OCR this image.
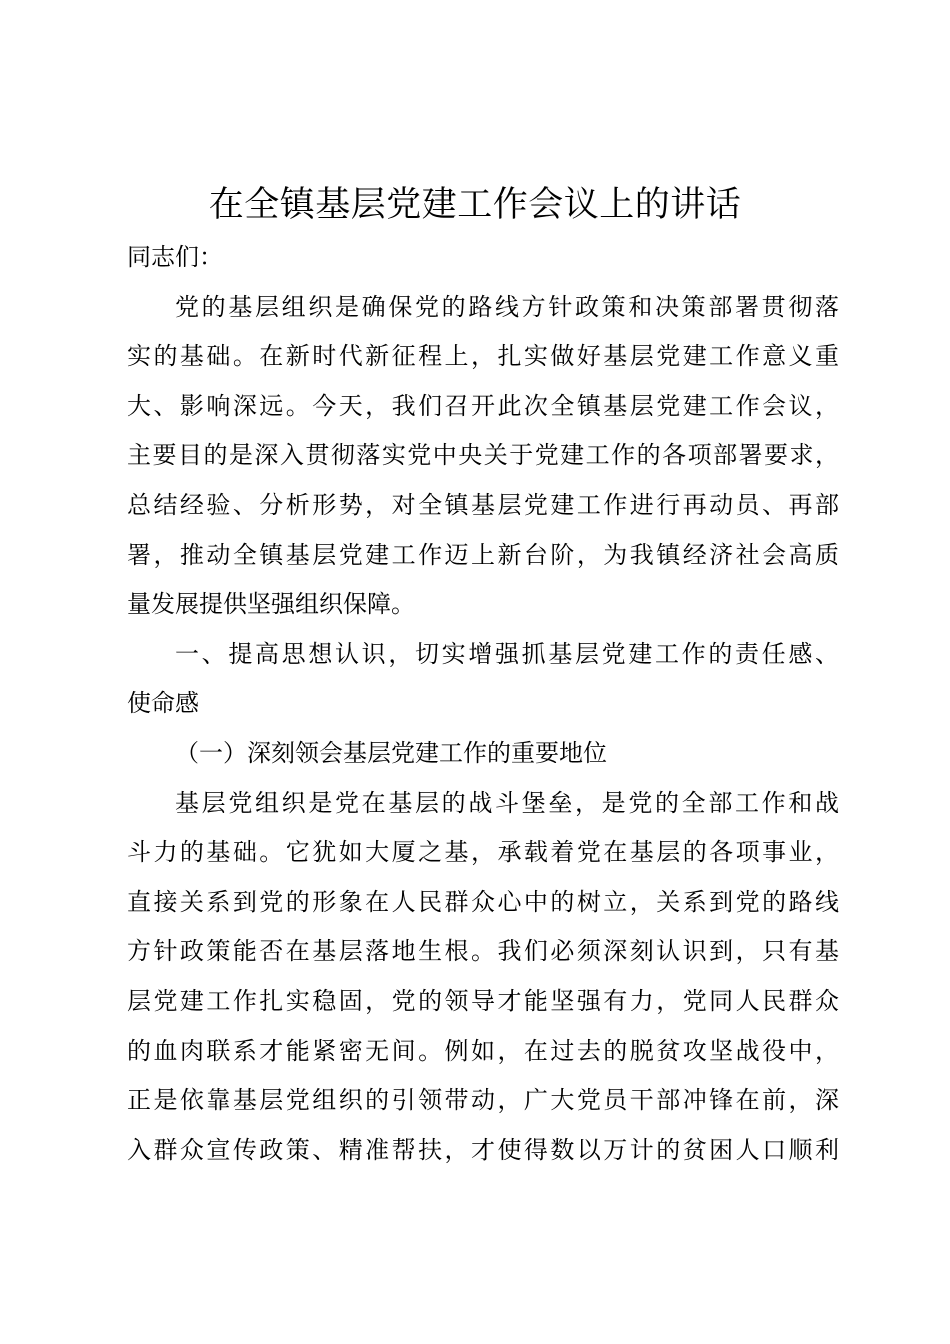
在全镇基层党建工作会议上的讲话

同志们：

党的基层组织是确保党的路线方针政策和决策部署贯彻落
实的基础。在新时代新征程上，扎实做好基层党建工作意义重
大、影响深远。今天，我们召开此次全镇基层党建工作会议，
主要目的是深入贯彻落实党中央关于党建工作的各项部署要求，
总结经验、分析形势，对全镇基层党建工作进行再动员、再部
署，推动全镇基层党建工作迈上新台阶，为我镇经济社会高质
量发展提供坚强组织保障。
一、提高思想认识，切实增强抓基层党建工作的责任感、
使命感
（一）深刻领会基层党建工作的重要地位
基层党组织是党在基层的战斗堡垒，是党的全部工作和战
斗力的基础。它犹如大厦之基，承载着党在基层的各项事业，
直接关系到党的形象在人民群众心中的树立，关系到党的路线
方针政策能否在基层落地生根。我们必须深刻认识到，只有基
层党建工作扎实稳固，党的领导才能坚强有力，党同人民群众
的血肉联系才能紧密无间。例如，在过去的脱贫攻坚战役中，
正是依靠基层党组织的引领带动，广大党员干部冲锋在前，深
入群众宣传政策、精准帮扶，才使得数以万计的贫困人口顺利
